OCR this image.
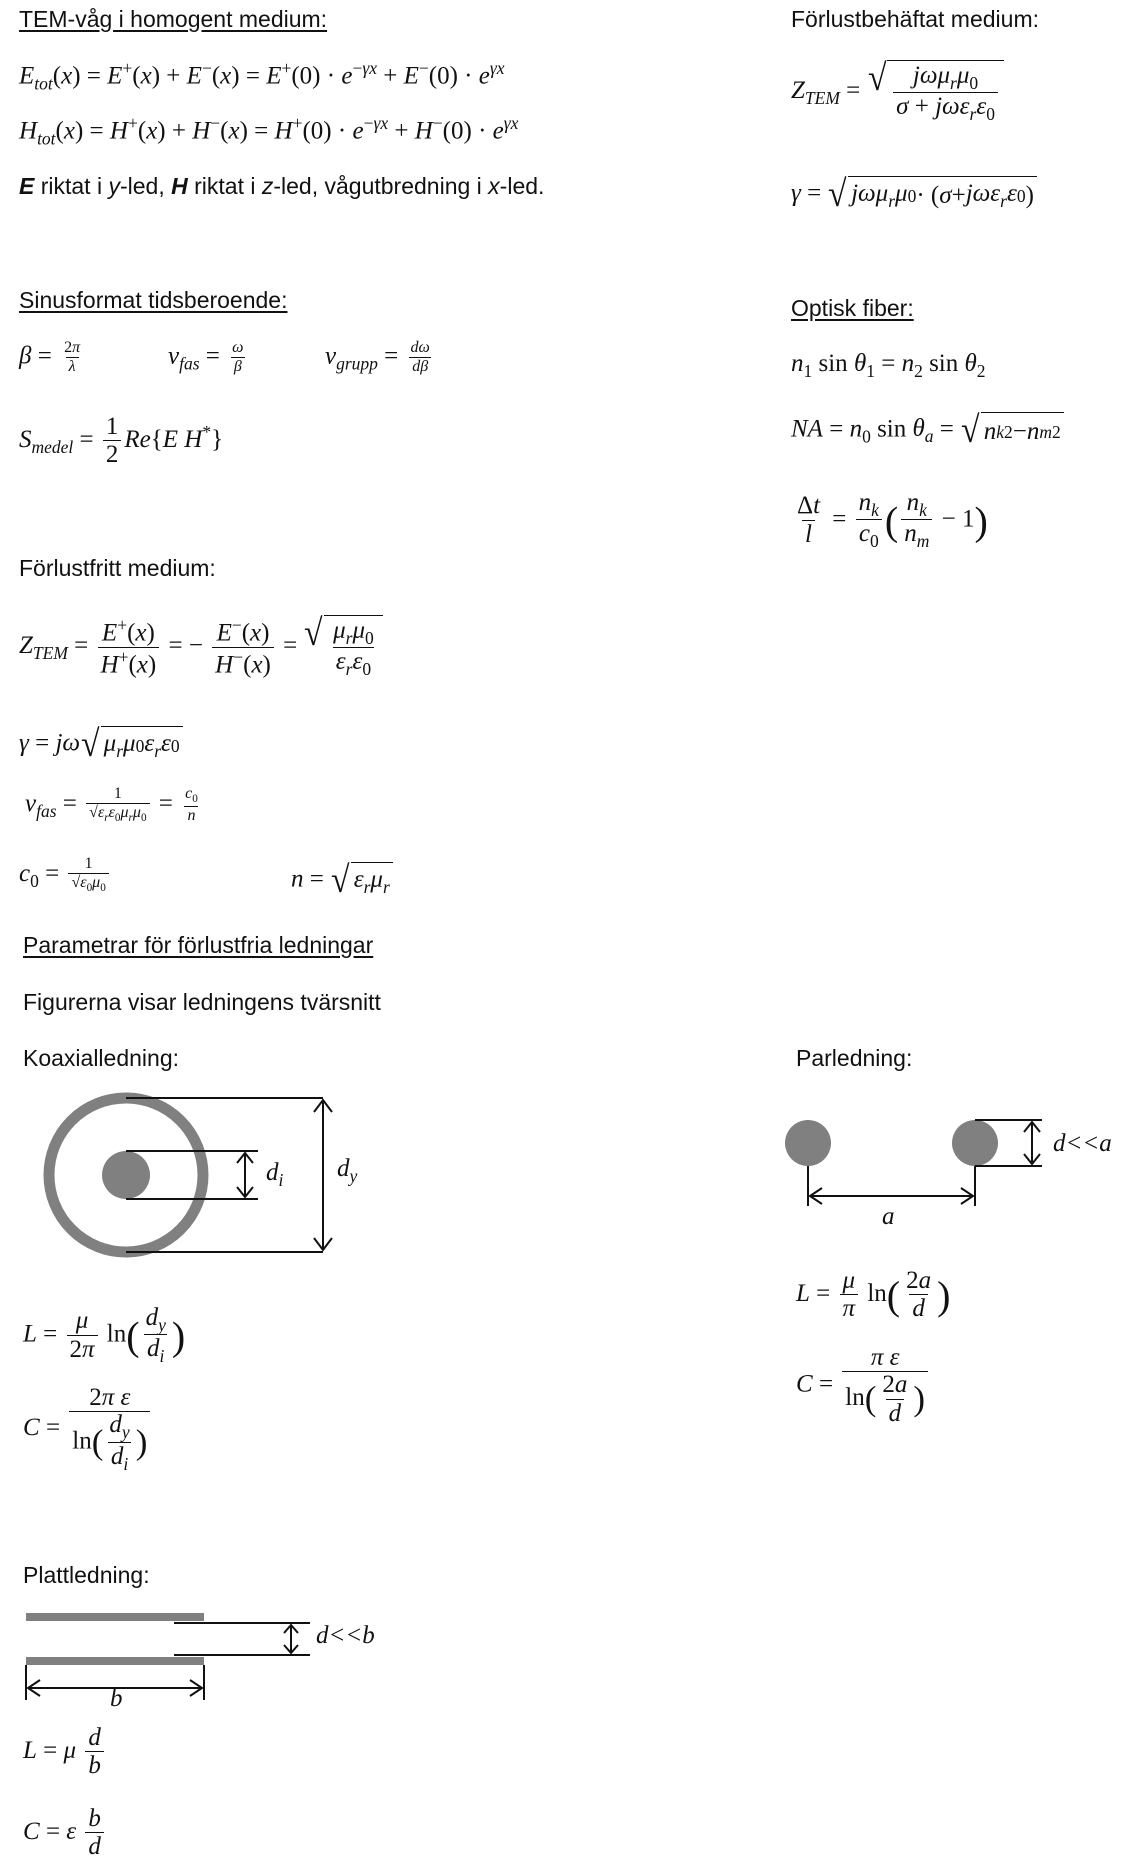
TEM-våg i homogent medium:
$E_{tot}(x) = E^+(x) + E^-(x) = E^+(0) \cdot e^{-\gamma x} + E^-(0) \cdot e^{\gamma x}$
$H_{tot}(x) = H^+(x) + H^-(x) = H^+(0) \cdot e^{-\gamma x} + H^-(0) \cdot e^{\gamma x}$
E riktat i y-led, H riktat i z-led, vågutbredning i x-led.
Sinusformat tidsberoende:
$\beta = \frac{2\pi}{\lambda}$	$v_{fas} = \frac{\omega}{\beta}$	$v_{grupp} = \frac{d\omega}{d\beta}$
$S_{medel} = \frac{1}{2} Re\{E$ H*}
Förlustfritt medium:
$Z_{TEM} = \frac{E^+(x)}{H^+(x)}$ = − $\frac{E^-(x)}{H^-(x)}$ = √ $\frac{\mu_r\mu_0}{\varepsilon_r\varepsilon_0}$
γ = jω √ $\mu_r\mu$ 0 $\varepsilon_r\varepsilon$ 0
$v_{fas} = \frac{1}{√\varepsilon_r\varepsilon_0\mu_r\mu_0} = \frac{c_0}{n}$
$c_0 = \frac{1}{√\varepsilon_0\mu_0}$	n = √ $\varepsilon_r\mu_r$
Parametrar för förlustfria ledningar
Figurerna visar ledningens tvärsnitt
Koaxialledning:
$d_i$ $d_y$
$L = \frac{\mu}{2\pi} \ln( \frac{d_y}{d_i}$ )
$C = \frac{\text{2π ε}}{\ln( \frac{d_y}{d_i} )}$
Plattledning:
d<<b
b
L = μ $\frac{d}{b}$
C = ε $\frac{b}{d}$
Förlustbehäftat medium:
$Z_{TEM}$ = √ $\frac{j\omega\mu_r\mu_0}{\sigma + j\omega\varepsilon_r\varepsilon_0}$
γ = √ jωμ$_r$μ 0 · ( σ + jωε$_r$ε 0 )
Optisk fiber:
$n_1$ $\sin \theta_1 = n_2$ $\sin \theta_2$
NA = $n_0$ $\sin \theta_a$ = √ n k 2 − n m 2
$\frac{\Delta t}{l} = \frac{n_k}{c_0}$ ( $\frac{n_k}{n_m} - 1$)
Parledning:
d<<a
a
$L = \frac{\mu}{\pi} \ln( \frac{2a}{d}$ )
$C = \frac{\text{π ε}}{\ln( \frac{2a}{d} )}$
